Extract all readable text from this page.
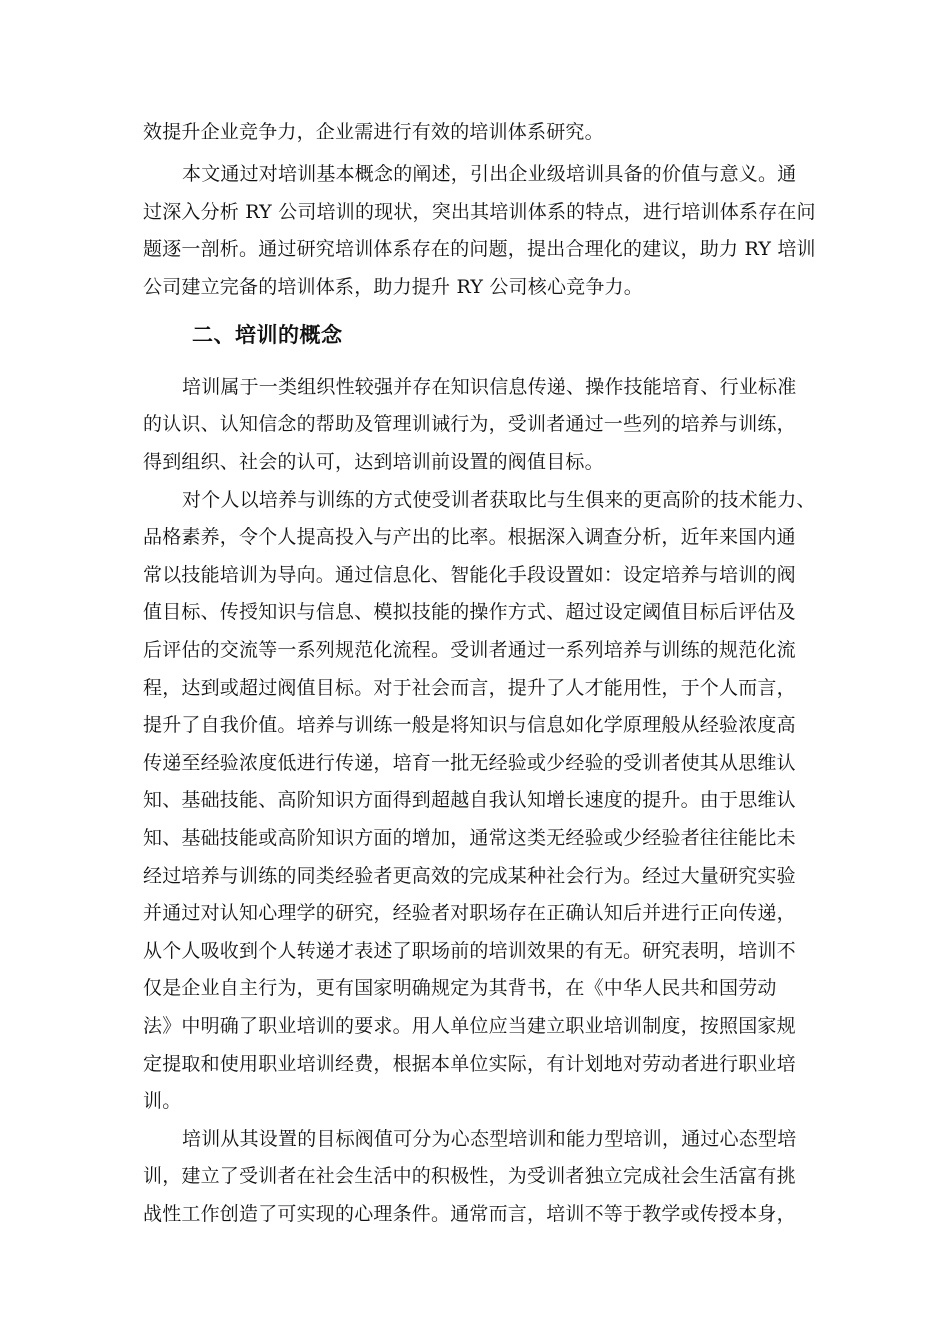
效提升企业竞争力，企业需进行有效的培训体系研究。
本文通过对培训基本概念的阐述，引出企业级培训具备的价值与意义。通
过深入分析 RY 公司培训的现状，突出其培训体系的特点，进行培训体系存在问
题逐一剖析。通过研究培训体系存在的问题，提出合理化的建议，助力 RY 培训
公司建立完备的培训体系，助力提升 RY 公司核心竞争力。
二、培训的概念
培训属于一类组织性较强并存在知识信息传递、操作技能培育、行业标准
的认识、认知信念的帮助及管理训诫行为，受训者通过一些列的培养与训练，
得到组织、社会的认可，达到培训前设置的阀值目标。
对个人以培养与训练的方式使受训者获取比与生俱来的更高阶的技术能力、
品格素养，令个人提高投入与产出的比率。根据深入调查分析，近年来国内通
常以技能培训为导向。通过信息化、智能化手段设置如：设定培养与培训的阀
值目标、传授知识与信息、模拟技能的操作方式、超过设定阈值目标后评估及
后评估的交流等一系列规范化流程。受训者通过一系列培养与训练的规范化流
程，达到或超过阀值目标。对于社会而言，提升了人才能用性，于个人而言，
提升了自我价值。培养与训练一般是将知识与信息如化学原理般从经验浓度高
传递至经验浓度低进行传递，培育一批无经验或少经验的受训者使其从思维认
知、基础技能、高阶知识方面得到超越自我认知增长速度的提升。由于思维认
知、基础技能或高阶知识方面的增加，通常这类无经验或少经验者往往能比未
经过培养与训练的同类经验者更高效的完成某种社会行为。经过大量研究实验
并通过对认知心理学的研究，经验者对职场存在正确认知后并进行正向传递，
从个人吸收到个人转递才表述了职场前的培训效果的有无。研究表明，培训不
仅是企业自主行为，更有国家明确规定为其背书，在《中华人民共和国劳动
法》中明确了职业培训的要求。用人单位应当建立职业培训制度，按照国家规
定提取和使用职业培训经费，根据本单位实际，有计划地对劳动者进行职业培
训。
培训从其设置的目标阀值可分为心态型培训和能力型培训，通过心态型培
训，建立了受训者在社会生活中的积极性，为受训者独立完成社会生活富有挑
战性工作创造了可实现的心理条件。通常而言，培训不等于教学或传授本身，
